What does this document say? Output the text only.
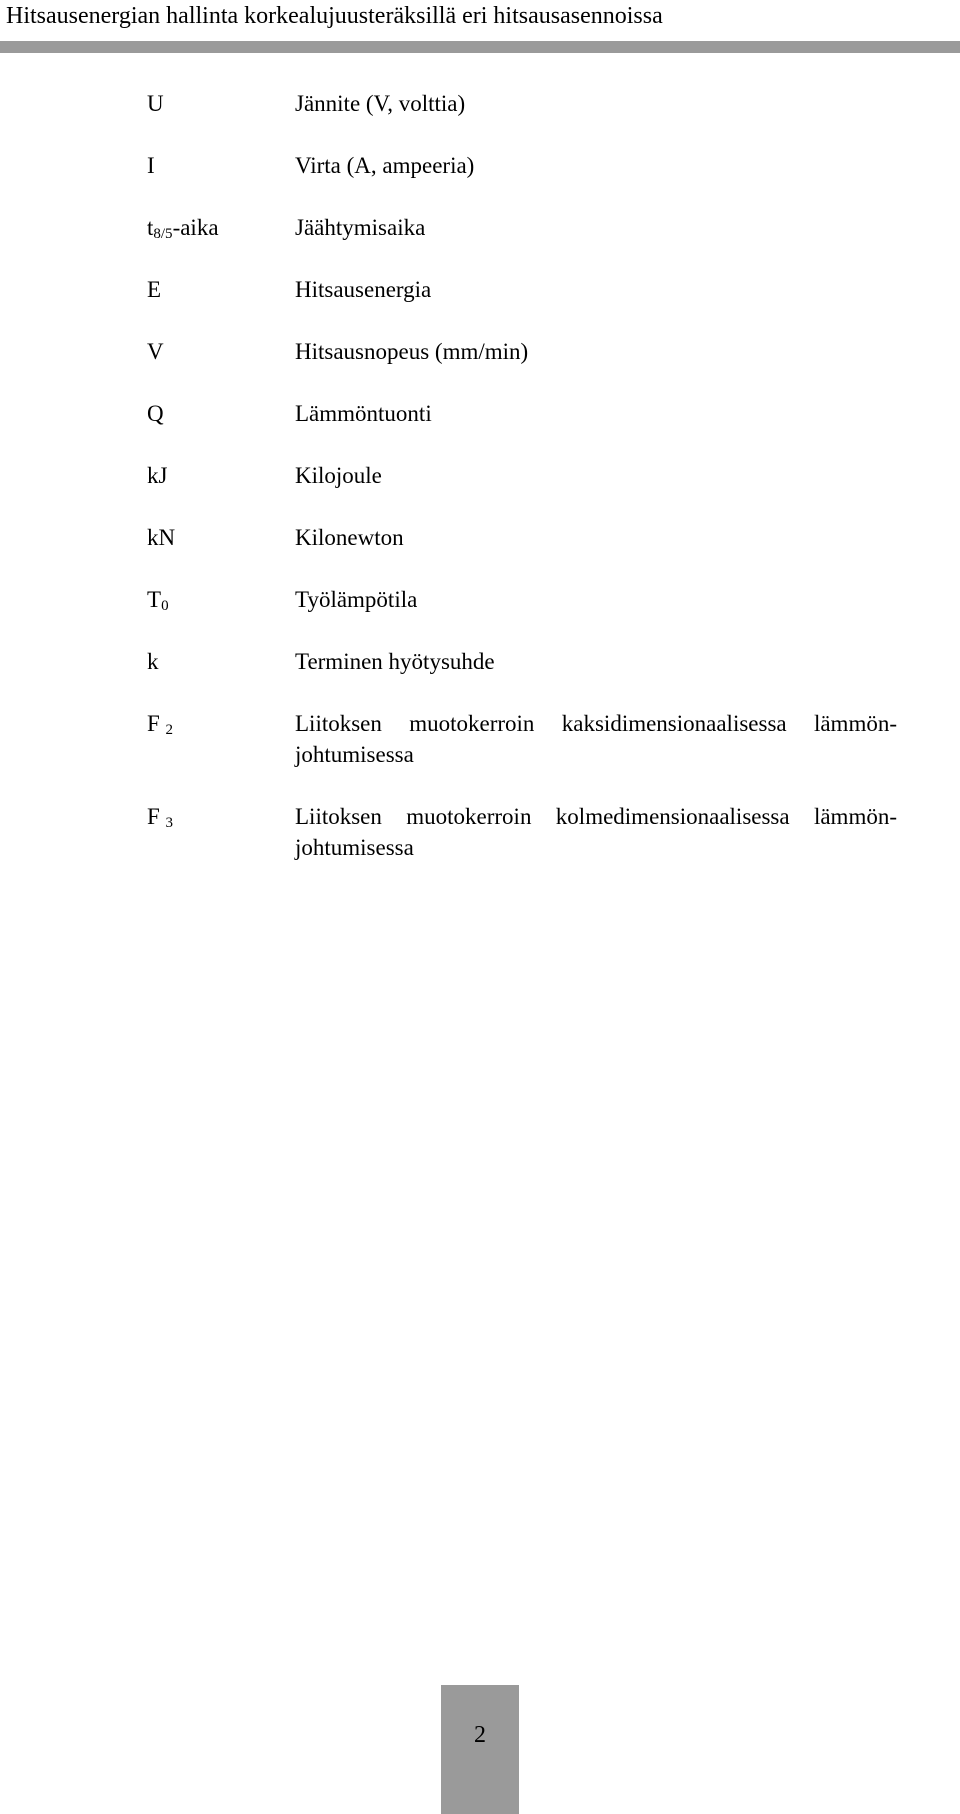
Hitsausenergian hallinta korkealujuusteräksillä eri hitsausasennoissa
U	Jännite (V, volttia)
I	Virta (A, ampeeria)
$t_{8/5}$-aika	Jäähtymisaika
E	Hitsausenergia
V	Hitsausnopeus (mm/min)
Q	Lämmöntuonti
kJ	Kilojoule
kN	Kilonewton
$T_0$	Työlämpötila
k	Terminen hyötysuhde
F $_2$	Liitoksen muotokerroin kaksidimensionaalisessa lämmön-johtumisessa
F $_3$	Liitoksen muotokerroin kolmedimensionaalisessa lämmön-johtumisessa
2
